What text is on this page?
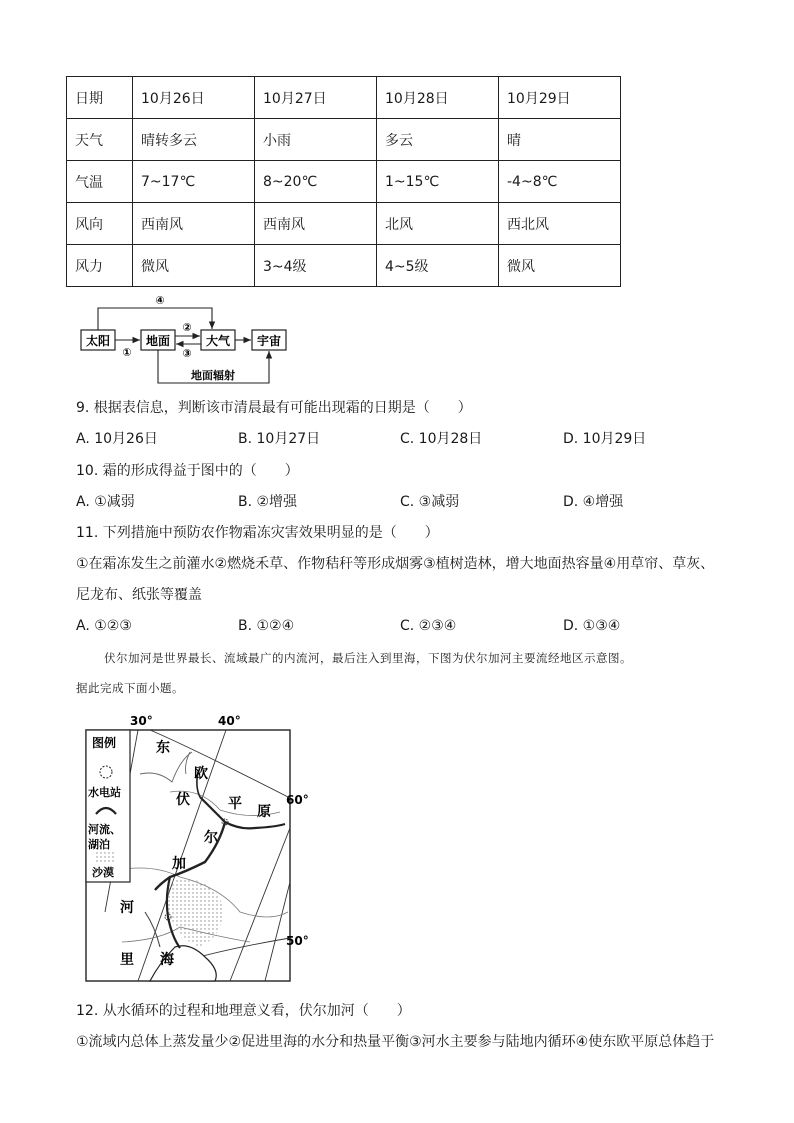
日期	10月26日	10月27日	10月28日	10月29日
天气	晴转多云	小雨	多云	晴
气温	7~17℃	8~20℃	1~15℃	-4~8℃
风向	西南风	西南风	北风	西北风
风力	微风	3~4级	4~5级	微风
太阳	地面	大气 宇宙
①
②
③
④
地面辐射
9. 根据表信息，判断该市清晨最有可能出现霜的日期是（　　）
A. 10月26日	B. 10月27日	C. 10月28日	D. 10月29日
10. 霜的形成得益于图中的（　　）
A. ①减弱	B. ②增强	C. ③减弱	D. ④增强
11. 下列措施中预防农作物霜冻灾害效果明显的是（　　）
①在霜冻发生之前灌水②燃烧禾草、作物秸秆等形成烟雾③植树造林，增大地面热容量④用草帘、草灰、
尼龙布、纸张等覆盖
A. ①②③	B. ①②④	C. ②③④	D. ①③④
伏尔加河是世界最长、流域最广的内流河，最后注入到里海，下图为伏尔加河主要流经地区示意图。
据此完成下面小题。
30°	40°
60°
50°
图例
水电站
河流、
湖泊
沙漠
东
欧
平 原
伏
尔
加
河
里 海
12. 从水循环的过程和地理意义看，伏尔加河（　　）
①流域内总体上蒸发量少②促进里海的水分和热量平衡③河水主要参与陆地内循环④使东欧平原总体趋于
